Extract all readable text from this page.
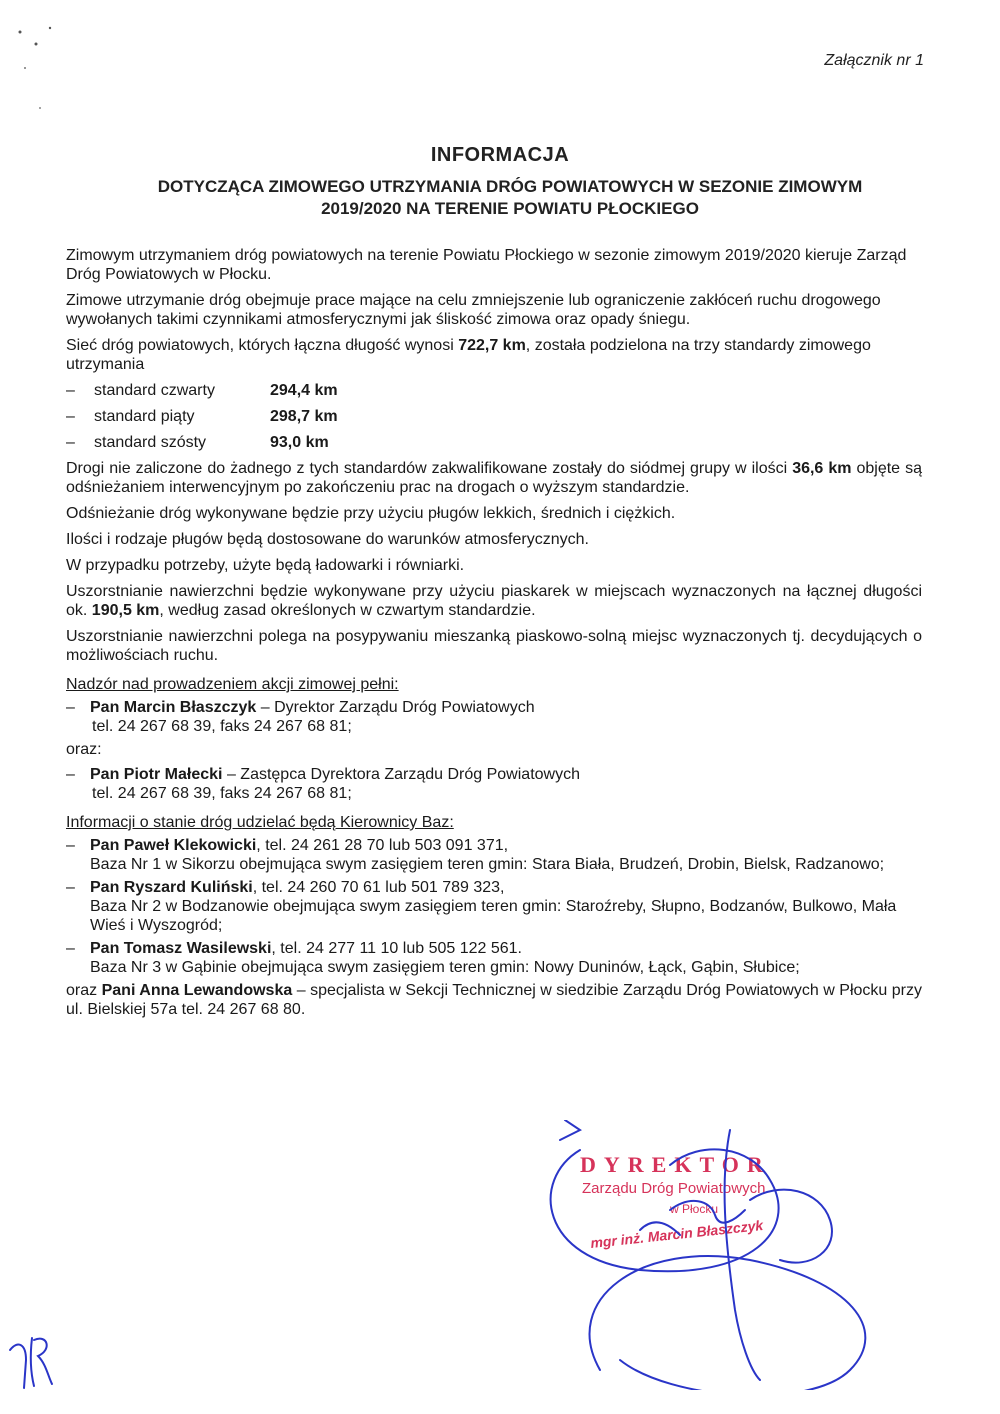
Załącznik nr 1
INFORMACJA
DOTYCZĄCA ZIMOWEGO UTRZYMANIA DRÓG POWIATOWYCH W SEZONIE ZIMOWYM 2019/2020 NA TERENIE POWIATU PŁOCKIEGO

Zimowym utrzymaniem dróg powiatowych na terenie Powiatu Płockiego w sezonie zimowym 2019/2020 kieruje Zarząd Dróg Powiatowych w Płocku.

Zimowe utrzymanie dróg obejmuje prace mające na celu zmniejszenie lub ograniczenie zakłóceń ruchu drogowego wywołanych takimi czynnikami atmosferycznymi jak śliskość zimowa oraz opady śniegu.

Sieć dróg powiatowych, których łączna długość wynosi 722,7 km, została podzielona na trzy standardy zimowego utrzymania

–	standard czwarty	294,4 km
–	standard piąty	298,7 km
–	standard szósty	93,0 km

Drogi nie zaliczone do żadnego z tych standardów zakwalifikowane zostały do siódmej grupy w ilości 36,6 km objęte są odśnieżaniem interwencyjnym po zakończeniu prac na drogach o wyższym standardzie.

Odśnieżanie dróg wykonywane będzie przy użyciu pługów lekkich, średnich i ciężkich.

Ilości i rodzaje pługów będą dostosowane do warunków atmosferycznych.

W przypadku potrzeby, użyte będą ładowarki i równiarki.

Uszorstnianie nawierzchni będzie wykonywane przy użyciu piaskarek w miejscach wyznaczonych na łącznej długości ok. 190,5 km, według zasad określonych w czwartym standardzie.

Uszorstnianie nawierzchni polega na posypywaniu mieszanką piaskowo-solną miejsc wyznaczonych tj. decydujących o możliwościach ruchu.

Nadzór nad prowadzeniem akcji zimowej pełni:

– Pan Marcin Błaszczyk – Dyrektor Zarządu Dróg Powiatowych
tel. 24 267 68 39, faks 24 267 68 81;

oraz:

– Pan Piotr Małecki – Zastępca Dyrektora Zarządu Dróg Powiatowych
tel. 24 267 68 39, faks 24 267 68 81;

Informacji o stanie dróg udzielać będą Kierownicy Baz:

– Pan Paweł Klekowicki, tel. 24 261 28 70 lub 503 091 371,
Baza Nr 1 w Sikorzu obejmująca swym zasięgiem teren gmin: Stara Biała, Brudzeń, Drobin, Bielsk, Radzanowo;
– Pan Ryszard Kuliński, tel. 24 260 70 61 lub 501 789 323,
Baza Nr 2 w Bodzanowie obejmująca swym zasięgiem teren gmin: Staroźreby, Słupno, Bodzanów, Bulkowo, Mała Wieś i Wyszogród;
– Pan Tomasz Wasilewski, tel. 24 277 11 10 lub 505 122 561.
Baza Nr 3 w Gąbinie obejmująca swym zasięgiem teren gmin: Nowy Duninów, Łąck, Gąbin, Słubice;

oraz Pani Anna Lewandowska – specjalista w Sekcji Technicznej w siedzibie Zarządu Dróg Powiatowych w Płocku przy ul. Bielskiej 57a tel. 24 267 68 80.

DYREKTOR
Zarządu Dróg Powiatowych
w Płocku
mgr inż. Marcin Błaszczyk
